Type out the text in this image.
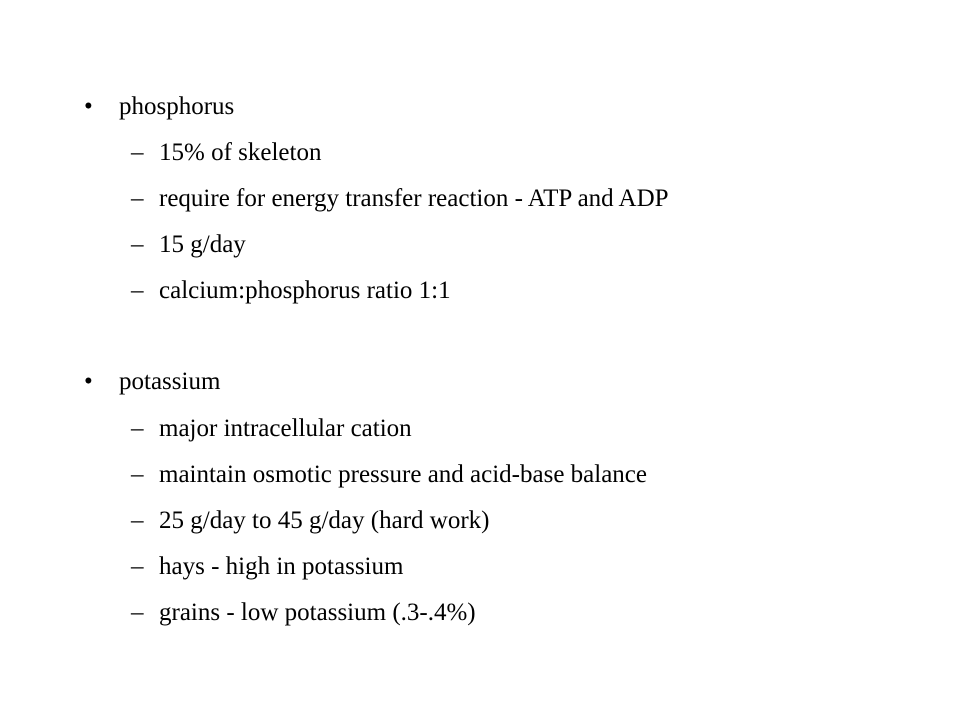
• phosphorus
– 15% of skeleton
– require for energy transfer reaction - ATP and ADP
– 15 g/day
– calcium:phosphorus ratio 1:1
• potassium
– major intracellular cation
– maintain osmotic pressure and acid-base balance
– 25 g/day to 45 g/day (hard work)
– hays - high in potassium
– grains - low potassium (.3-.4%)
